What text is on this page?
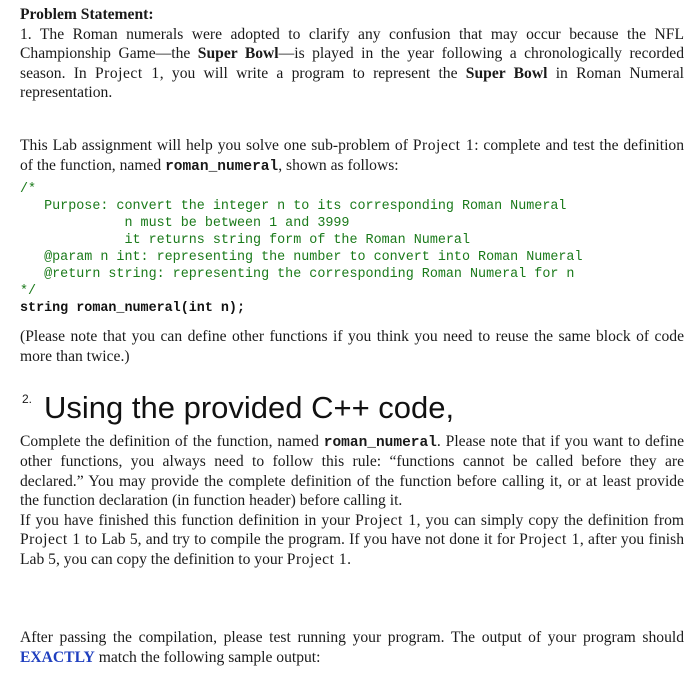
Problem Statement:
1. The Roman numerals were adopted to clarify any confusion that may occur because the NFL Championship Game—the Super Bowl—is played in the year following a chronologically recorded season. In Project 1, you will write a program to represent the Super Bowl in Roman Numeral representation.
This Lab assignment will help you solve one sub-problem of Project 1: complete and test the definition of the function, named roman_numeral, shown as follows:
/*
Purpose: convert the integer n to its corresponding Roman Numeral
n must be between 1 and 3999
it returns string form of the Roman Numeral
@param n int: representing the number to convert into Roman Numeral
@return string: representing the corresponding Roman Numeral for n
*/
string roman_numeral(int n);
(Please note that you can define other functions if you think you need to reuse the same block of code more than twice.)
2. Using the provided C++ code,
Complete the definition of the function, named roman_numeral. Please note that if you want to define other functions, you always need to follow this rule: “functions cannot be called before they are declared.” You may provide the complete definition of the function before calling it, or at least provide the function declaration (in function header) before calling it.
If you have finished this function definition in your Project 1, you can simply copy the definition from Project 1 to Lab 5, and try to compile the program. If you have not done it for Project 1, after you finish Lab 5, you can copy the definition to your Project 1.
After passing the compilation, please test running your program. The output of your program should EXACTLY match the following sample output:
